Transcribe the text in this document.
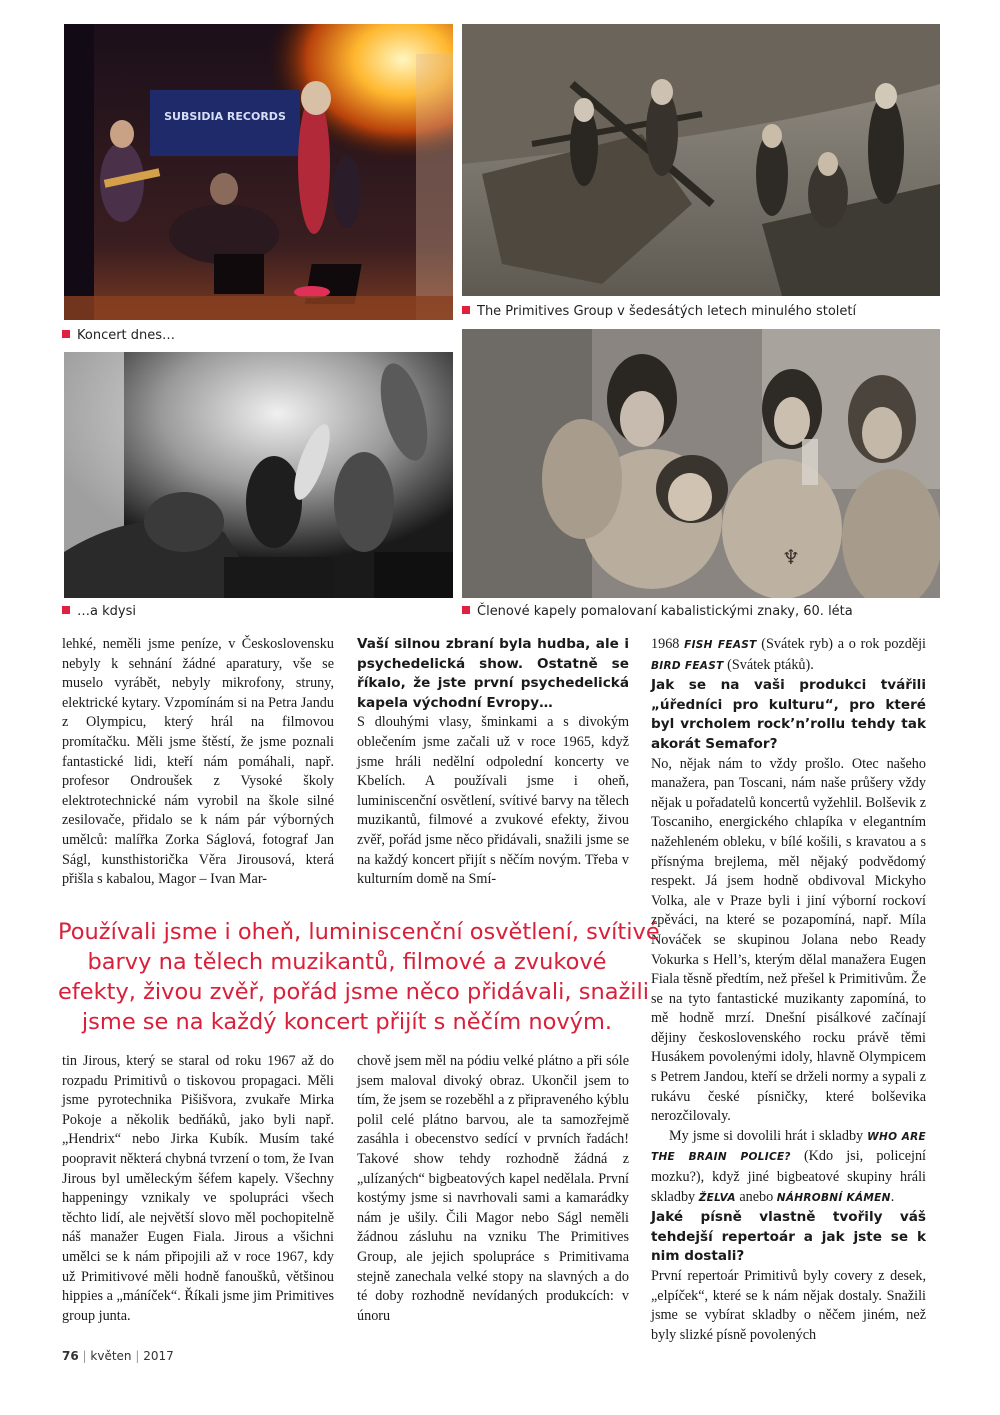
SUBSIDIA RECORDS
Koncert dnes…
The Primitives Group v šedesátých letech minulého století
…a kdysi
♆
Členové kapely pomalovaní kabalistickými znaky, 60. léta

lehké, neměli jsme peníze, v Československu nebyly k sehnání žádné aparatury, vše se muselo vyrábět, nebyly mikrofony, struny, elektrické kytary. Vzpomínám si na Petra Jandu z Olympicu, který hrál na filmovou promítačku. Měli jsme štěstí, že jsme poznali fantastické lidi, kteří nám pomáhali, např. profesor Ondroušek z Vysoké školy elektrotechnické nám vyrobil na škole silné zesilovače, přidalo se k nám pár výborných umělců: malířka Zorka Ságlová, fotograf Jan Ságl, kunsthistorička Věra Jirousová, která přišla s kabalou, Magor – Ivan Mar-

Vaší silnou zbraní byla hudba, ale i psychedelická show. Ostatně se říkalo, že jste první psychedelická kapela východní Evropy…

S dlouhými vlasy, šminkami a s divokým oblečením jsme začali už v roce 1965, když jsme hráli nedělní odpolední koncerty ve Kbelích. A používali jsme i oheň, luminiscenční osvětlení, svítivé barvy na tělech muzikantů, filmové a zvukové efekty, živou zvěř, pořád jsme něco přidávali, snažili jsme se na každý koncert přijít s něčím novým. Třeba v kulturním domě na Smí-

1968 FISH FEAST (Svátek ryb) a o rok později BIRD FEAST (Svátek ptáků).

Jak se na vaši produkci tvářili „úředníci pro kulturu“, pro které byl vrcholem rock’n’rollu tehdy tak akorát Semafor?

No, nějak nám to vždy prošlo. Otec našeho manažera, pan Toscani, nám naše průšery vždy nějak u pořadatelů koncertů vyžehlil. Bolševik z Toscaniho, energického chlapíka v elegantním nažehleném obleku, v bílé košili, s kravatou a s přísnýma brejlema, měl nějaký podvědomý respekt. Já jsem hodně obdivoval Mickyho Volka, ale v Praze byli i jiní výborní rockoví zpěváci, na které se pozapomíná, např. Míla Nováček se skupinou Jolana nebo Ready Vokurka s Hell’s, kterým dělal manažera Eugen Fiala těsně předtím, než přešel k Primitivům. Že se na tyto fantastické muzikanty zapomíná, to mě hodně mrzí. Dnešní pisálkové začínají dějiny československého rocku právě těmi Husákem povolenými idoly, hlavně Olympicem s Petrem Jandou, kteří se drželi normy a sypali z rukávu české písničky, které bolševika nerozčilovaly.

My jsme si dovolili hrát i skladby WHO ARE THE BRAIN POLICE? (Kdo jsi, policejní mozku?), když jiné bigbeatové skupiny hráli skladby ŽELVA anebo NÁHROBNÍ KÁMEN.

Jaké písně vlastně tvořily váš tehdejší repertoár a jak jste se k nim dostali?

První repertoár Primitivů byly covery z desek, „elpíček“, které se k nám nějak dostaly. Snažili jsme se vybírat skladby o něčem jiném, než byly slizké písně povolených

Používali jsme i oheň, luminiscenční osvětlení, svítivé
barvy na tělech muzikantů, filmové a zvukové
efekty, živou zvěř, pořád jsme něco přidávali, snažili
jsme se na každý koncert přijít s něčím novým.

tin Jirous, který se staral od roku 1967 až do rozpadu Primitivů o tiskovou propagaci. Měli jsme pyrotechnika Pišišvora, zvukaře Mirka Pokoje a několik bedňáků, jako byli např. „Hendrix“ nebo Jirka Kubík. Musím také poopravit některá chybná tvrzení o tom, že Ivan Jirous byl uměleckým šéfem kapely. Všechny happeningy vznikaly ve spolupráci všech těchto lidí, ale největší slovo měl pochopitelně náš manažer Eugen Fiala. Jirous a všichni umělci se k nám připojili až v roce 1967, kdy už Primitivové měli hodně fanoušků, většinou hippies a „máníček“. Říkali jsme jim Primitives group junta.

chově jsem měl na pódiu velké plátno a při sóle jsem maloval divoký obraz. Ukončil jsem to tím, že jsem se rozeběhl a z připraveného kýblu polil celé plátno barvou, ale ta samozřejmě zasáhla i obecenstvo sedící v prvních řadách! Takové show tehdy rozhodně žádná z „ulízaných“ bigbeatových kapel nedělala. První kostýmy jsme si navrhovali sami a kamarádky nám je ušily. Čili Magor nebo Ságl neměli žádnou zásluhu na vzniku The Primitives Group, ale jejich spolupráce s Primitivama stejně zanechala velké stopy na slavných a do té doby rozhodně nevídaných produkcích: v únoru

76 | květen | 2017
